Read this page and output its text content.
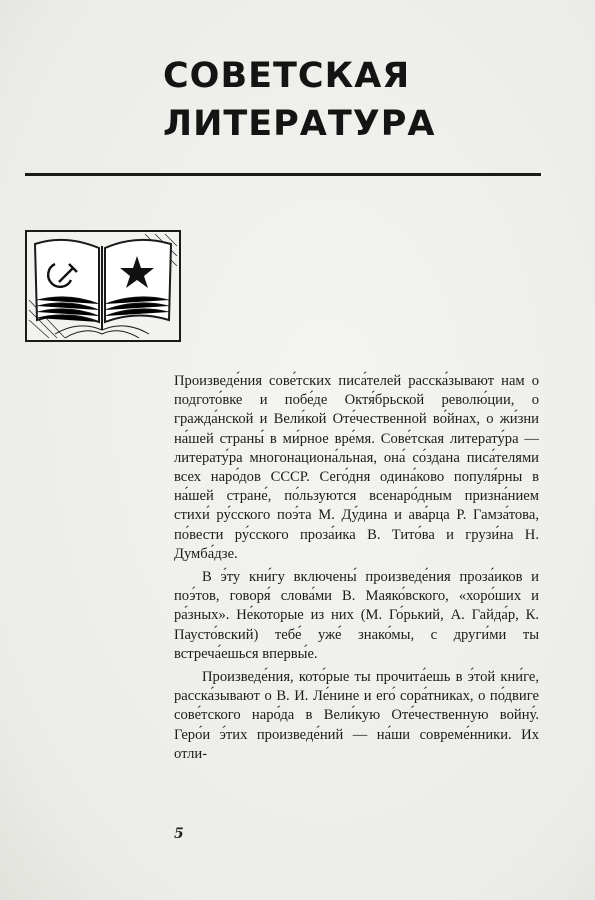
СОВЕТСКАЯ
ЛИТЕРАТУРА

Произведе́ния сове́тских писа́телей расска́зывают нам о подгото́вке и побе́де Октя́брьской револю́ции, о гражда́нской и Вели́кой Оте́чественной во́йнах, о жи́зни на́шей страны́ в ми́рное вре́мя. Сове́тская литерату́ра — литерату́ра многонациона́льная, она́ со́здана писа́телями всех наро́дов СССР. Сего́дня одина́ково популя́рны в на́шей стране́, по́льзуются всенаро́дным призна́нием стихи́ ру́сского поэ́та М. Ду́дина и ава́рца Р. Гамза́това, по́вести ру́сского проза́ика В. Тито́ва и грузи́на Н. Думба́дзе.

В э́ту кни́гу включены́ произведе́ния проза́иков и поэ́тов, говоря́ слова́ми В. Маяко́вского, «хоро́ших и ра́зных». Не́которые из них (М. Го́рький, А. Гайда́р, К. Паусто́вский) тебе́ уже́ знако́мы, с други́ми ты встреча́ешься впервы́е.

Произведе́ния, кото́рые ты прочита́ешь в э́той кни́ге, расска́зывают о В. И. Ле́нине и его́ сора́тниках, о по́двиге сове́тского наро́да в Вели́кую Оте́чественную войну́. Геро́и э́тих произведе́ний — на́ши совреме́нники. Их отли-

5
